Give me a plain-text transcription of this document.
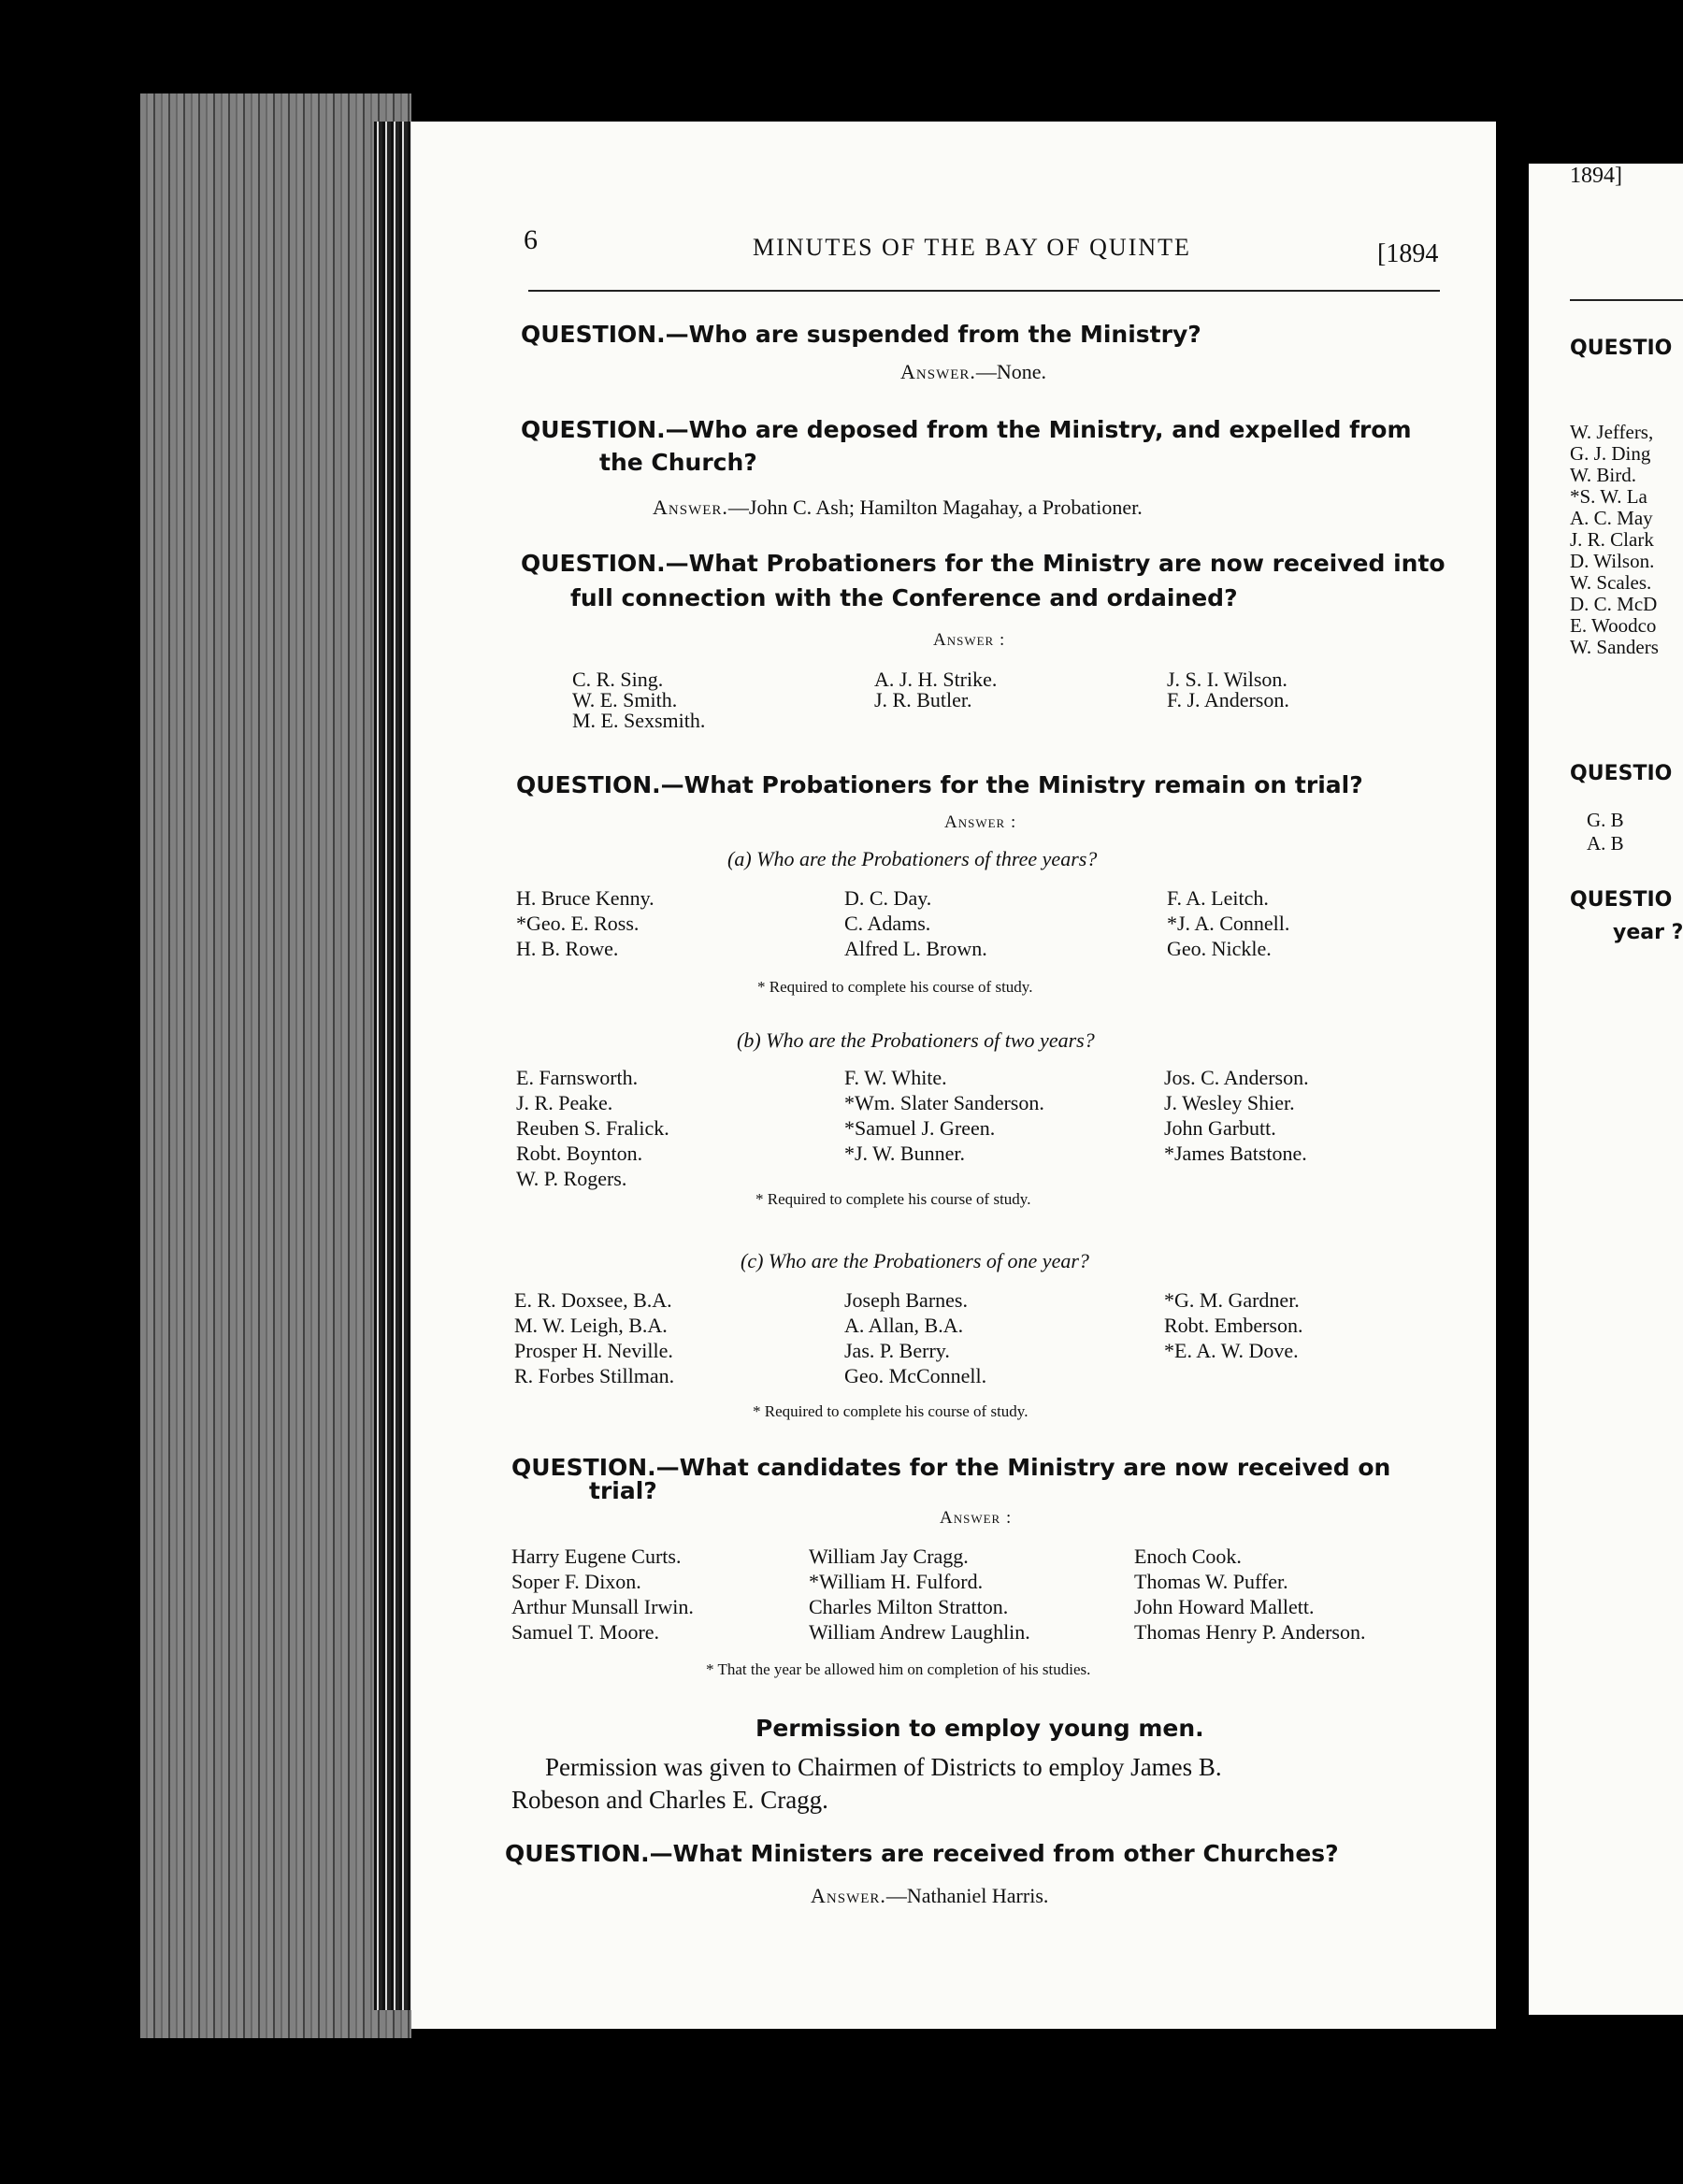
1894]
QUESTIO
W. Jeffers,
G. J. Ding
W. Bird.
*S. W. La
A. C. May
J. R. Clark
D. Wilson.
W. Scales.
D. C. McD
E. Woodco
W. Sanders
QUESTIO
G. B
A. B
QUESTIO
year ?
6	MINUTES OF THE BAY OF QUINTE	[1894
QUESTION.—Who are suspended from the Ministry?
Answer.—None.
QUESTION.—Who are deposed from the Ministry, and expelled from
the Church?
Answer.—John C. Ash; Hamilton Magahay, a Probationer.
QUESTION.—What Probationers for the Ministry are now received into
full connection with the Conference and ordained?
Answer :
C. R. Sing.
W. E. Smith.
M. E. Sexsmith.
A. J. H. Strike.
J. R. Butler.
J. S. I. Wilson.
F. J. Anderson.
QUESTION.—What Probationers for the Ministry remain on trial?
Answer :
(a) Who are the Probationers of three years?
H. Bruce Kenny.
*Geo. E. Ross.
H. B. Rowe.
D. C. Day.
C. Adams.
Alfred L. Brown.
F. A. Leitch.
*J. A. Connell.
Geo. Nickle.
* Required to complete his course of study.
(b) Who are the Probationers of two years?
E. Farnsworth.
J. R. Peake.
Reuben S. Fralick.
Robt. Boynton.
W. P. Rogers.
F. W. White.
*Wm. Slater Sanderson.
*Samuel J. Green.
*J. W. Bunner.
Jos. C. Anderson.
J. Wesley Shier.
John Garbutt.
*James Batstone.
* Required to complete his course of study.
(c) Who are the Probationers of one year?
E. R. Doxsee, B.A.
M. W. Leigh, B.A.
Prosper H. Neville.
R. Forbes Stillman.
Joseph Barnes.
A. Allan, B.A.
Jas. P. Berry.
Geo. McConnell.
*G. M. Gardner.
Robt. Emberson.
*E. A. W. Dove.
* Required to complete his course of study.
QUESTION.—What candidates for the Ministry are now received on
trial?
Answer :
Harry Eugene Curts.
Soper F. Dixon.
Arthur Munsall Irwin.
Samuel T. Moore.
William Jay Cragg.
*William H. Fulford.
Charles Milton Stratton.
William Andrew Laughlin.
Enoch Cook.
Thomas W. Puffer.
John Howard Mallett.
Thomas Henry P. Anderson.
* That the year be allowed him on completion of his studies.
Permission to employ young men.
Permission was given to Chairmen of Districts to employ James B.
Robeson and Charles E. Cragg.
QUESTION.—What Ministers are received from other Churches?
Answer.—Nathaniel Harris.
